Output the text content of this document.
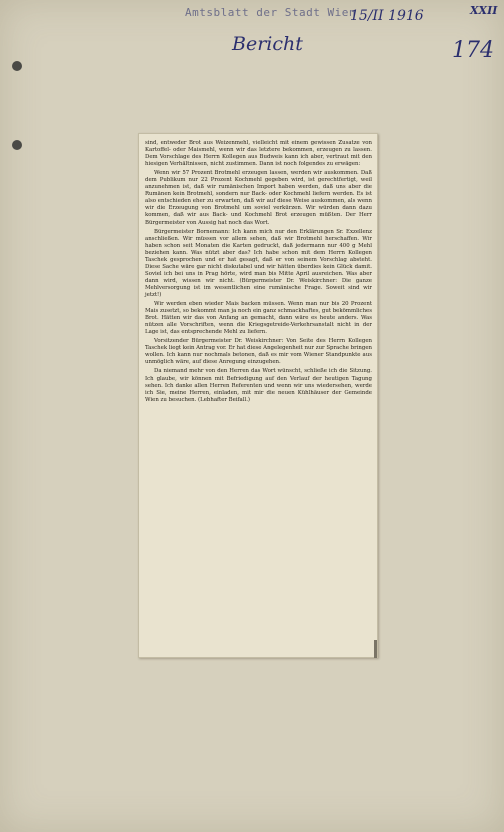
Amtsblatt der Stadt Wien
15/II 1916
Bericht
XXII
174

sind, entweder Brot aus Weizenmehl, vielleicht mit einem gewissen Zusatze von Kartoffel- oder Maismehl, wenn wir das letztere bekommen, erzeugen zu lassen. Dem Vorschlage des Herrn Kollegen aus Budweis kann ich aber, vertraut mit den hiesigen Verhältnissen, nicht zustimmen. Dann ist noch folgendes zu erwägen:

Wenn wir 57 Prozent Brotmehl erzeugen lassen, werden wir auskommen. Daß dem Publikum nur 22 Prozent Kochmehl gegeben wird, ist gerechtfertigt, weil anzunehmen ist, daß wir rumänischen Import haben werden, daß uns aber die Rumänen kein Brotmehl, sondern nur Back- oder Kochmehl liefern werden. Es ist also entschieden eher zu erwarten, daß wir auf diese Weise auskommen, als wenn wir die Erzeugung von Brotmehl um soviel verkürzen. Wir würden dann dazu kommen, daß wir aus Back- und Kochmehl Brot erzeugen müßten. Der Herr Bürgermeister von Aussig hat noch das Wort.

Bürgermeister Bornemann: Ich kann mich nur den Erklärungen Sr. Exzellenz anschließen. Wir müssen vor allem sehen, daß wir Brotmehl herschaffen. Wir haben schon seit Monaten die Karten gedruckt, daß jedermann nur 400 g Mehl beziehen kann. Was nützt aber das? Ich habe schon mit dem Herrn Kollegen Taschek gesprochen und er hat gesagt, daß er von seinem Vorschlag absteht. Diese Sache wäre gar nicht diskutabel und wir hätten überdies kein Glück damit. Soviel ich bei uns in Prag hörte, wird man bis Mitte April ausreichen. Was aber dann wird, wissen wir nicht. (Bürgermeister Dr. Weiskirchner: Die ganze Mehlversorgung ist im wesentlichen eine rumänische Frage. Soweit sind wir jetzt!)

Wir werden eben wieder Mais backen müssen. Wenn man nur bis 20 Prozent Mais zusetzt, so bekommt man ja noch ein ganz schmackhaftes, gut bekömmliches Brot. Hätten wir das von Anfang an gemacht, dann wäre es heute anders. Was nützen alle Vorschriften, wenn die Kriegsgetreide-Verkehrsanstalt nicht in der Lage ist, das entsprechende Mehl zu liefern.

Vorsitzender Bürgermeister Dr. Weiskirchner: Von Seite des Herrn Kollegen Taschek liegt kein Antrag vor. Er hat diese Angelegenheit nur zur Sprache bringen wollen. Ich kann nur nochmals betonen, daß es mir vom Wiener Standpunkte aus unmöglich wäre, auf diese Anregung einzugehen.

Da niemand mehr von den Herren das Wort wünscht, schließe ich die Sitzung. Ich glaube, wir können mit Befriedigung auf den Verlauf der heutigen Tagung sehen. Ich danke allen Herren Referenten und wenn wir uns wiedersehen, werde ich Sie, meine Herren, einladen, mit mir die neuen Kühlhäuser der Gemeinde Wien zu besuchen. (Lebhafter Beifall.)
